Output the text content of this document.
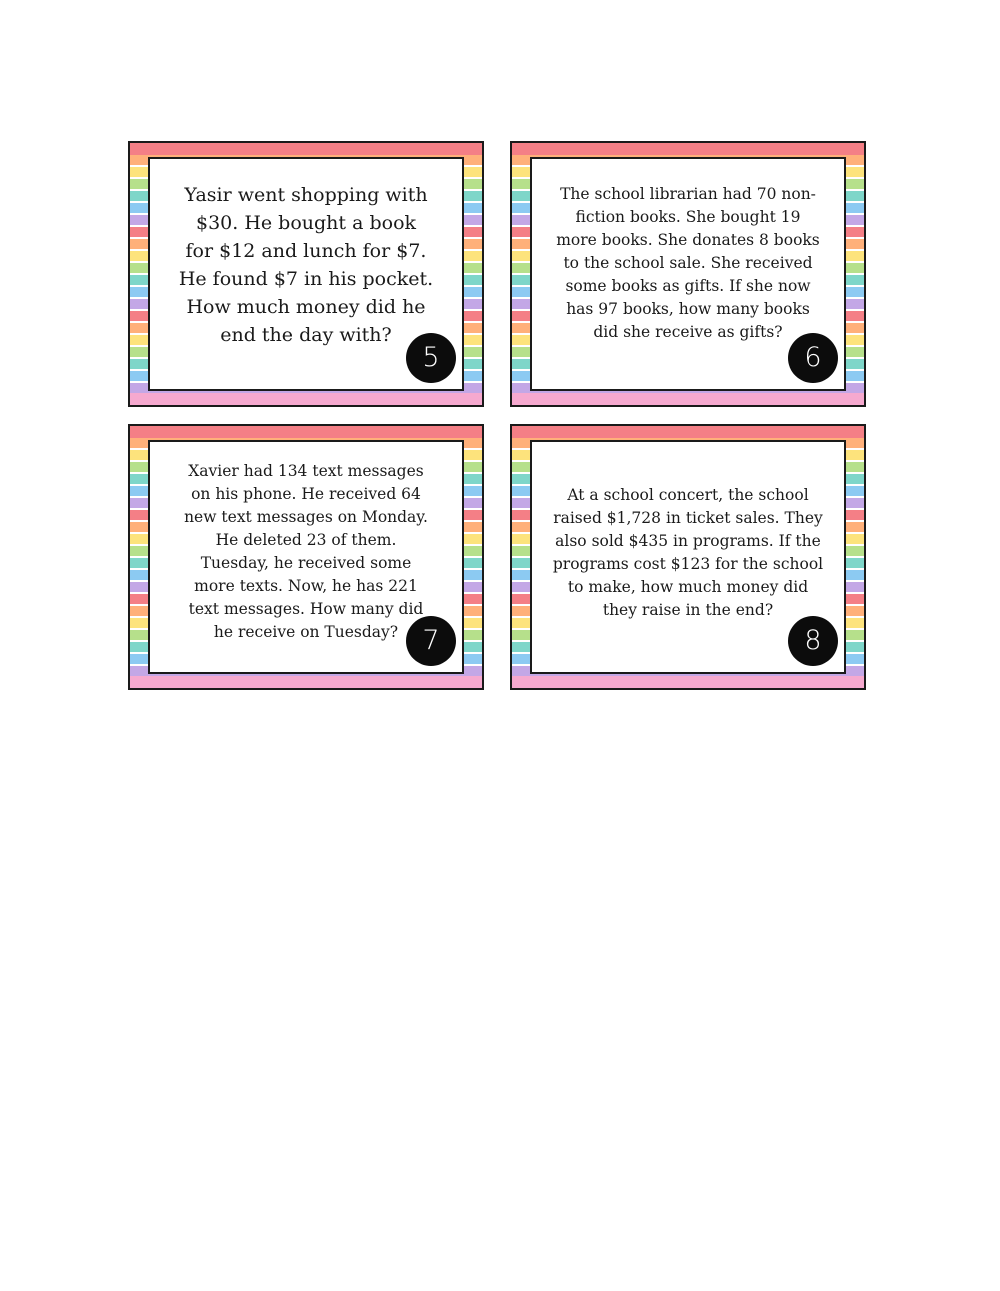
Yasir went shopping with
$30. He bought a book
for $12 and lunch for $7.
He found $7 in his pocket.
How much money did he
end the day with?
5
The school librarian had 70 non-
fiction books. She bought 19
more books. She donates 8 books
to the school sale. She received
some books as gifts. If she now
has 97 books, how many books
did she receive as gifts?
6
Xavier had 134 text messages
on his phone. He received 64
new text messages on Monday.
He deleted 23 of them.
Tuesday, he received some
more texts. Now, he has 221
text messages. How many did
he receive on Tuesday? 7
At a school concert, the school
raised $1,728 in ticket sales. They
also sold $435 in programs. If the
programs cost $123 for the school
to make, how much money did
they raise in the end?
8
